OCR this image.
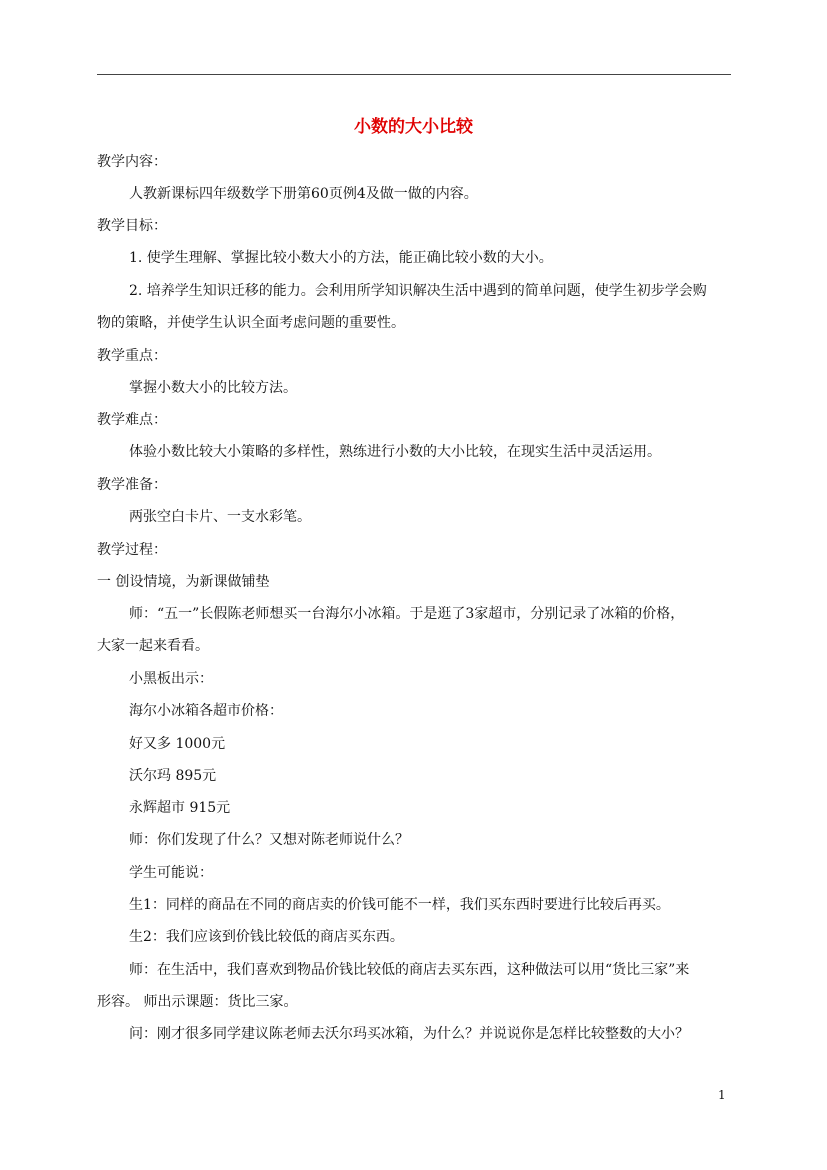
小数的大小比较
教学内容：
人教新课标四年级数学下册第60页例4及做一做的内容。
教学目标：
1. 使学生理解、掌握比较小数大小的方法，能正确比较小数的大小。
2. 培养学生知识迁移的能力。会利用所学知识解决生活中遇到的简单问题，使学生初步学会购
物的策略，并使学生认识全面考虑问题的重要性。
教学重点：
掌握小数大小的比较方法。
教学难点：
体验小数比较大小策略的多样性，熟练进行小数的大小比较，在现实生活中灵活运用。
教学准备：
两张空白卡片、一支水彩笔。
教学过程：
一 创设情境，为新课做铺垫
师：“五一”长假陈老师想买一台海尔小冰箱。于是逛了3家超市，分别记录了冰箱的价格，
大家一起来看看。
小黑板出示：
海尔小冰箱各超市价格：
好又多 1000元
沃尔玛 895元
永辉超市 915元
师：你们发现了什么？又想对陈老师说什么？
学生可能说：
生1：同样的商品在不同的商店卖的价钱可能不一样，我们买东西时要进行比较后再买。
生2：我们应该到价钱比较低的商店买东西。
师：在生活中，我们喜欢到物品价钱比较低的商店去买东西，这种做法可以用“货比三家”来
形容。 师出示课题：货比三家。
问：刚才很多同学建议陈老师去沃尔玛买冰箱，为什么？并说说你是怎样比较整数的大小？
1
